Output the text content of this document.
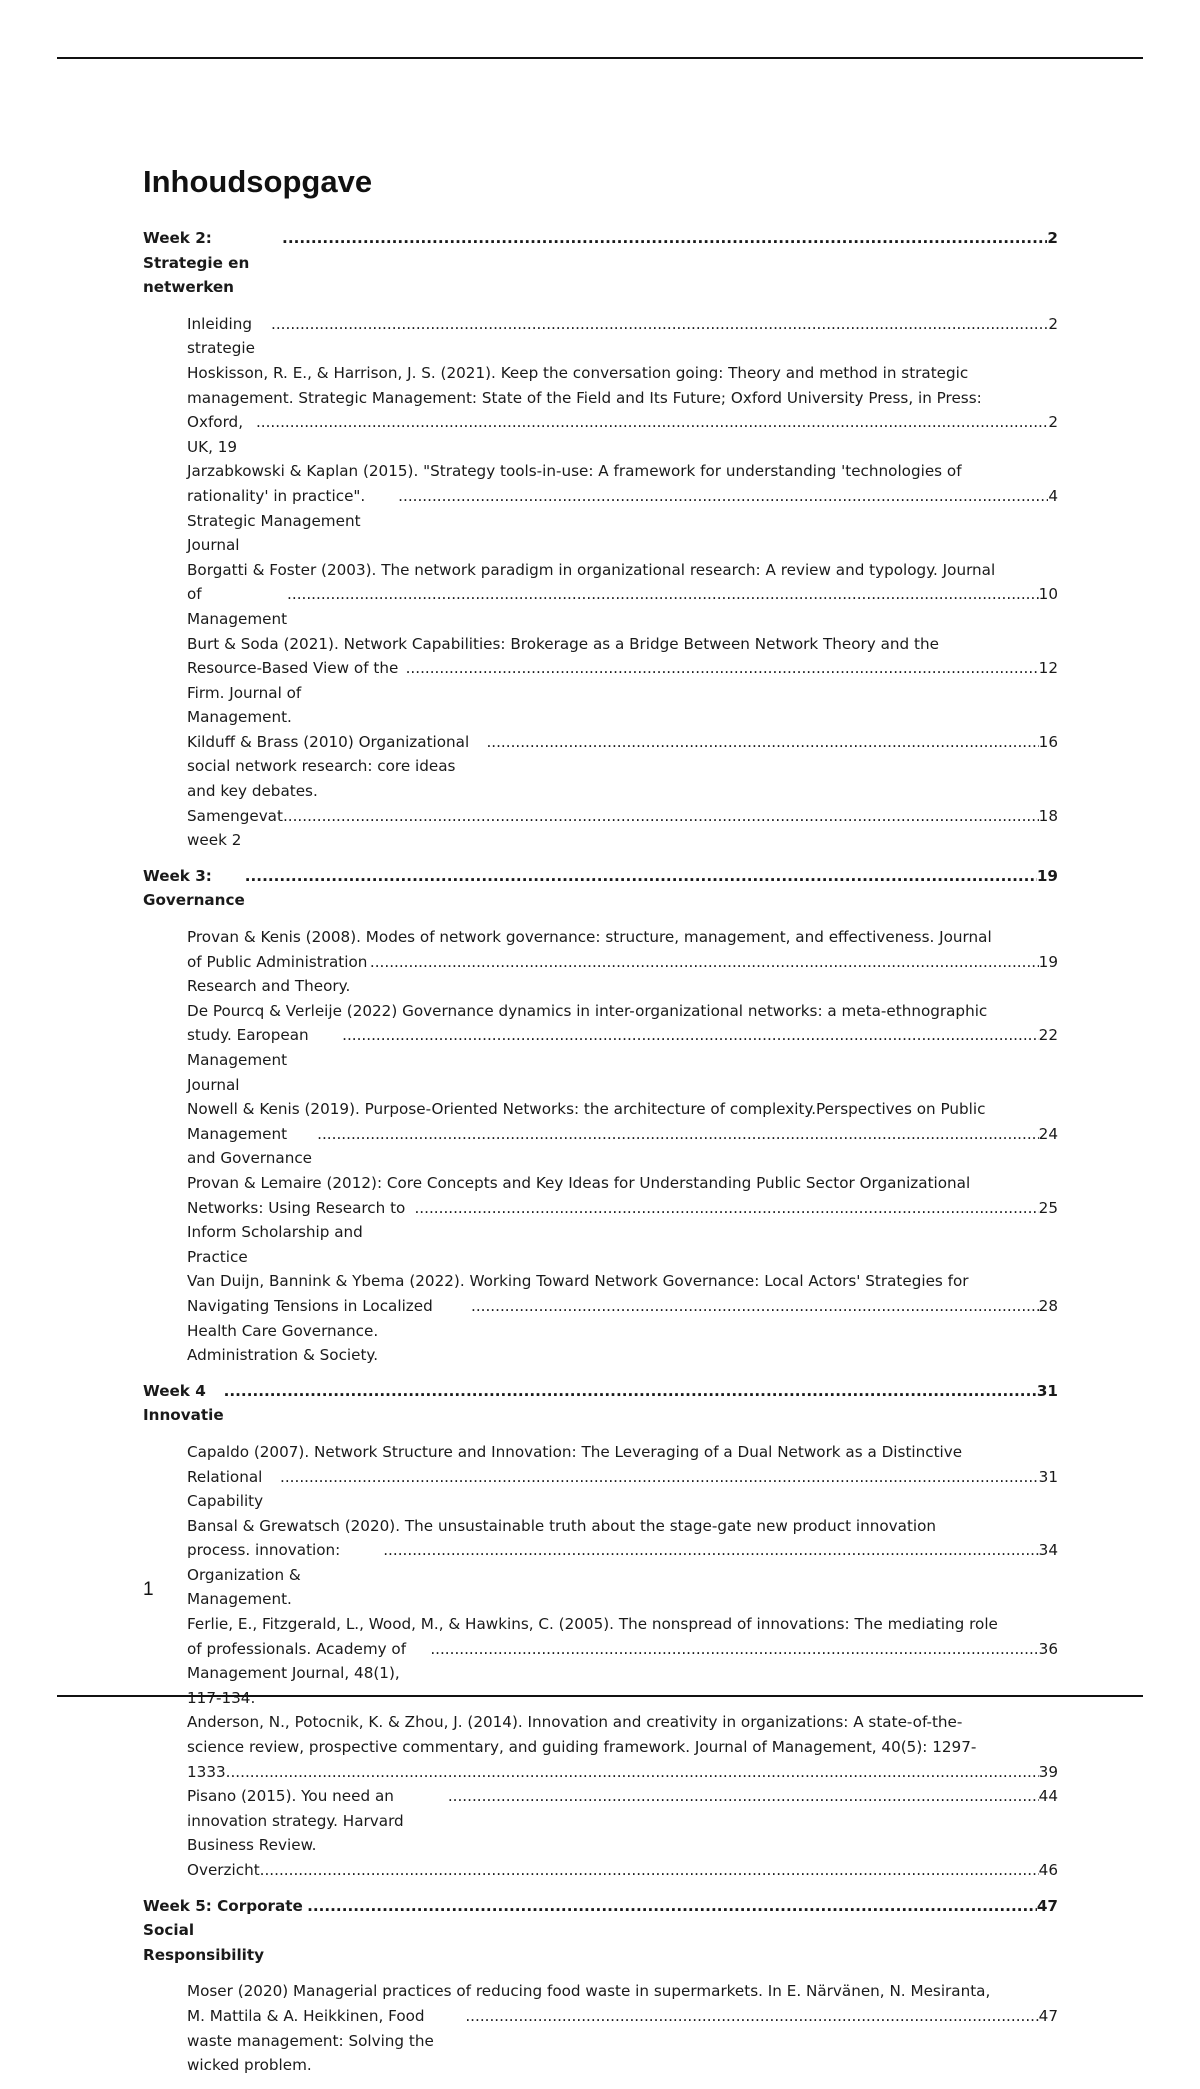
Inhoudsopgave
Week 2: Strategie en netwerken
.....
2
Inleiding strategie
.....
2
Hoskisson, R. E., & Harrison, J. S. (2021). Keep the conversation going: Theory and method in strategic
management. Strategic Management: State of the Field and Its Future; Oxford University Press, in Press:
Oxford, UK, 19
.....
2
Jarzabkowski & Kaplan (2015). "Strategy tools-in-use: A framework for understanding 'technologies of
rationality' in practice". Strategic Management Journal
.....
4
Borgatti & Foster (2003). The network paradigm in organizational research: A review and typology. Journal
of Management
.....
10
Burt & Soda (2021). Network Capabilities: Brokerage as a Bridge Between Network Theory and the
Resource-Based View of the Firm. Journal of Management.
.....
12
Kilduff & Brass (2010) Organizational social network research: core ideas and key debates.
.....
16
Samengevat week 2
.....
18
Week 3: Governance
.....
19
Provan & Kenis (2008). Modes of network governance: structure, management, and effectiveness. Journal
of Public Administration Research and Theory.
.....
19
De Pourcq & Verleije (2022) Governance dynamics in inter-organizational networks: a meta-ethnographic
study. Earopean Management Journal
.....
22
Nowell & Kenis (2019). Purpose-Oriented Networks: the architecture of complexity.Perspectives on Public
Management and Governance
.....
24
Provan & Lemaire (2012): Core Concepts and Key Ideas for Understanding Public Sector Organizational
Networks: Using Research to Inform Scholarship and Practice
.....
25
Van Duijn, Bannink & Ybema (2022). Working Toward Network Governance: Local Actors' Strategies for
Navigating Tensions in Localized Health Care Governance. Administration & Society.
.....
28
Week 4 Innovatie
.....
31
Capaldo (2007). Network Structure and Innovation: The Leveraging of a Dual Network as a Distinctive
Relational Capability
.....
31
Bansal & Grewatsch (2020). The unsustainable truth about the stage-gate new product innovation
process. innovation: Organization & Management.
.....
34
Ferlie, E., Fitzgerald, L., Wood, M., & Hawkins, C. (2005). The nonspread of innovations: The mediating role
of professionals. Academy of Management Journal, 48(1), 117-134.
.....
36
Anderson, N., Potocnik, K. & Zhou, J. (2014). Innovation and creativity in organizations: A state-of-the-
science review, prospective commentary, and guiding framework. Journal of Management, 40(5): 1297-
1333 .....	39
Pisano (2015). You need an innovation strategy. Harvard Business Review.
.....
44
Overzicht .....	46
Week 5: Corporate Social Responsibility
.....
47
Moser (2020) Managerial practices of reducing food waste in supermarkets. In E. Närvänen, N. Mesiranta,
M. Mattila & A. Heikkinen, Food waste management: Solving the wicked problem.
.....
47
1
